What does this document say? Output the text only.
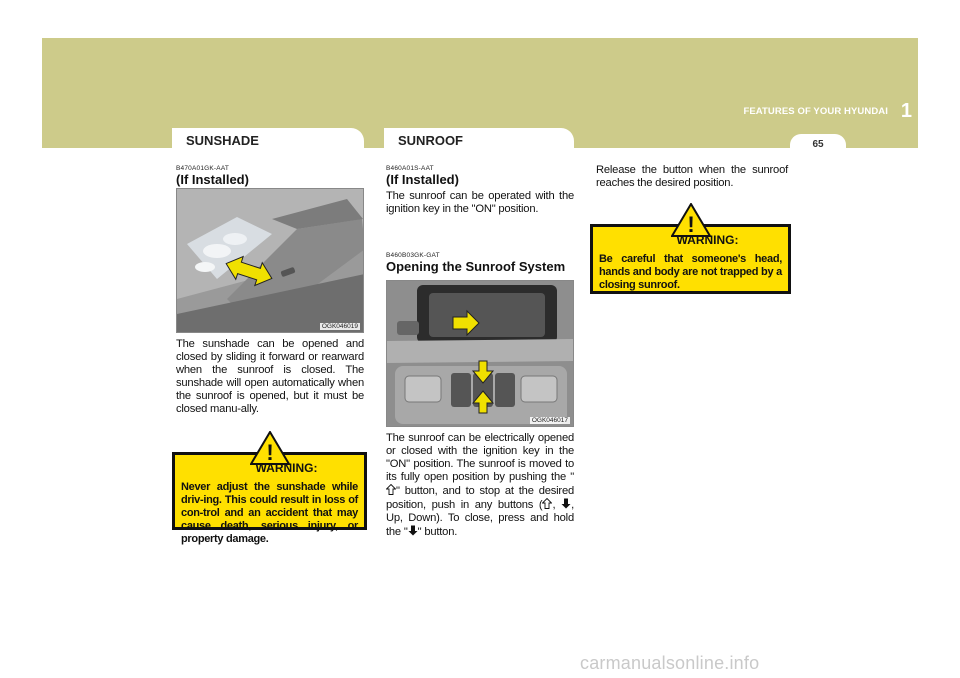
FEATURES OF YOUR HYUNDAI 1
65
SUNSHADE	SUNROOF
B470A01GK-AAT
(If Installed)
OGK046019
The sunshade can be opened and closed by sliding it forward or rearward when the sunroof is closed. The sunshade will open automatically when the sunroof is opened, but it must be closed manu-ally.
!
WARNING:
Never adjust the sunshade while driv-ing. This could result in loss of con-trol and an accident that may cause death, serious injury, or property damage.
B460A01S-AAT
(If Installed)
The sunroof can be operated with the ignition key in the "ON" position.
B460B03GK-GAT
Opening the Sunroof System
OGK046017
The sunroof can be electrically opened or closed with the ignition key in the "ON" position. The sunroof is moved to its fully open position by pushing the "" button, and to stop at the desired position, push in any buttons ( , , Up, Down). To close, press and hold the " " button.
Release the button when the sunroof reaches the desired position.
!
WARNING:
Be careful that someone's head, hands and body are not trapped by a closing sunroof.
carmanualsonline.info
